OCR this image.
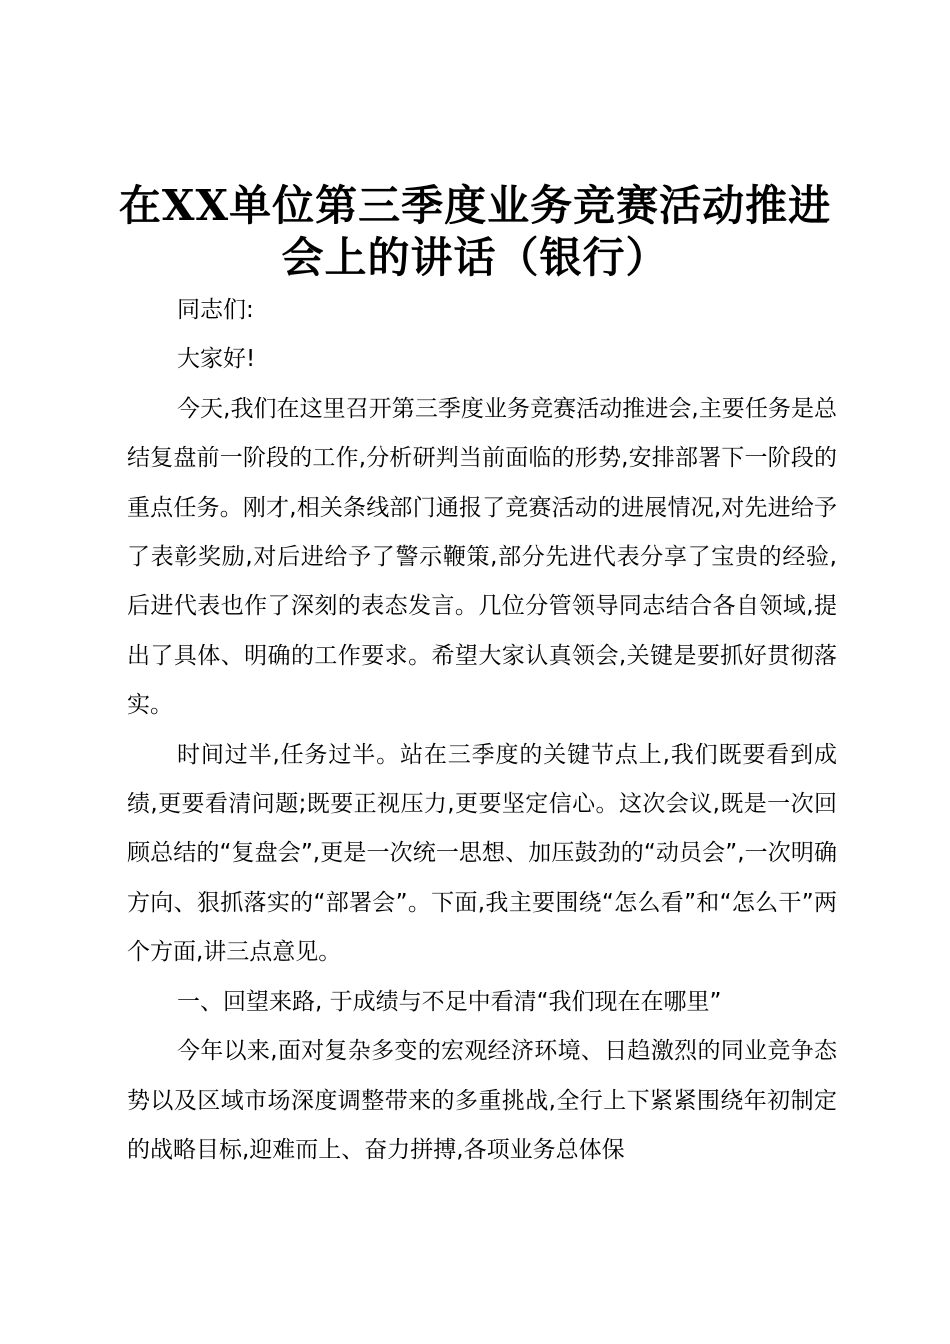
在XX单位第三季度业务竞赛活动推进
会上的讲话（银行）

同志们:

大家好!

今天,我们在这里召开第三季度业务竞赛活动推进会,主要任务是总结复盘前一阶段的工作,分析研判当前面临的形势,安排部署下一阶段的重点任务。刚才,相关条线部门通报了竞赛活动的进展情况,对先进给予了表彰奖励,对后进给予了警示鞭策,部分先进代表分享了宝贵的经验,后进代表也作了深刻的表态发言。几位分管领导同志结合各自领域,提出了具体、明确的工作要求。希望大家认真领会,关键是要抓好贯彻落实。

时间过半,任务过半。站在三季度的关键节点上,我们既要看到成绩,更要看清问题;既要正视压力,更要坚定信心。这次会议,既是一次回顾总结的“复盘会”,更是一次统一思想、加压鼓劲的“动员会”,一次明确方向、狠抓落实的“部署会”。下面,我主要围绕“怎么看”和“怎么干”两个方面,讲三点意见。

一、回望来路, 于成绩与不足中看清“我们现在在哪里”

今年以来,面对复杂多变的宏观经济环境、日趋激烈的同业竞争态势以及区域市场深度调整带来的多重挑战,全行上下紧紧围绕年初制定的战略目标,迎难而上、奋力拼搏,各项业务总体保
